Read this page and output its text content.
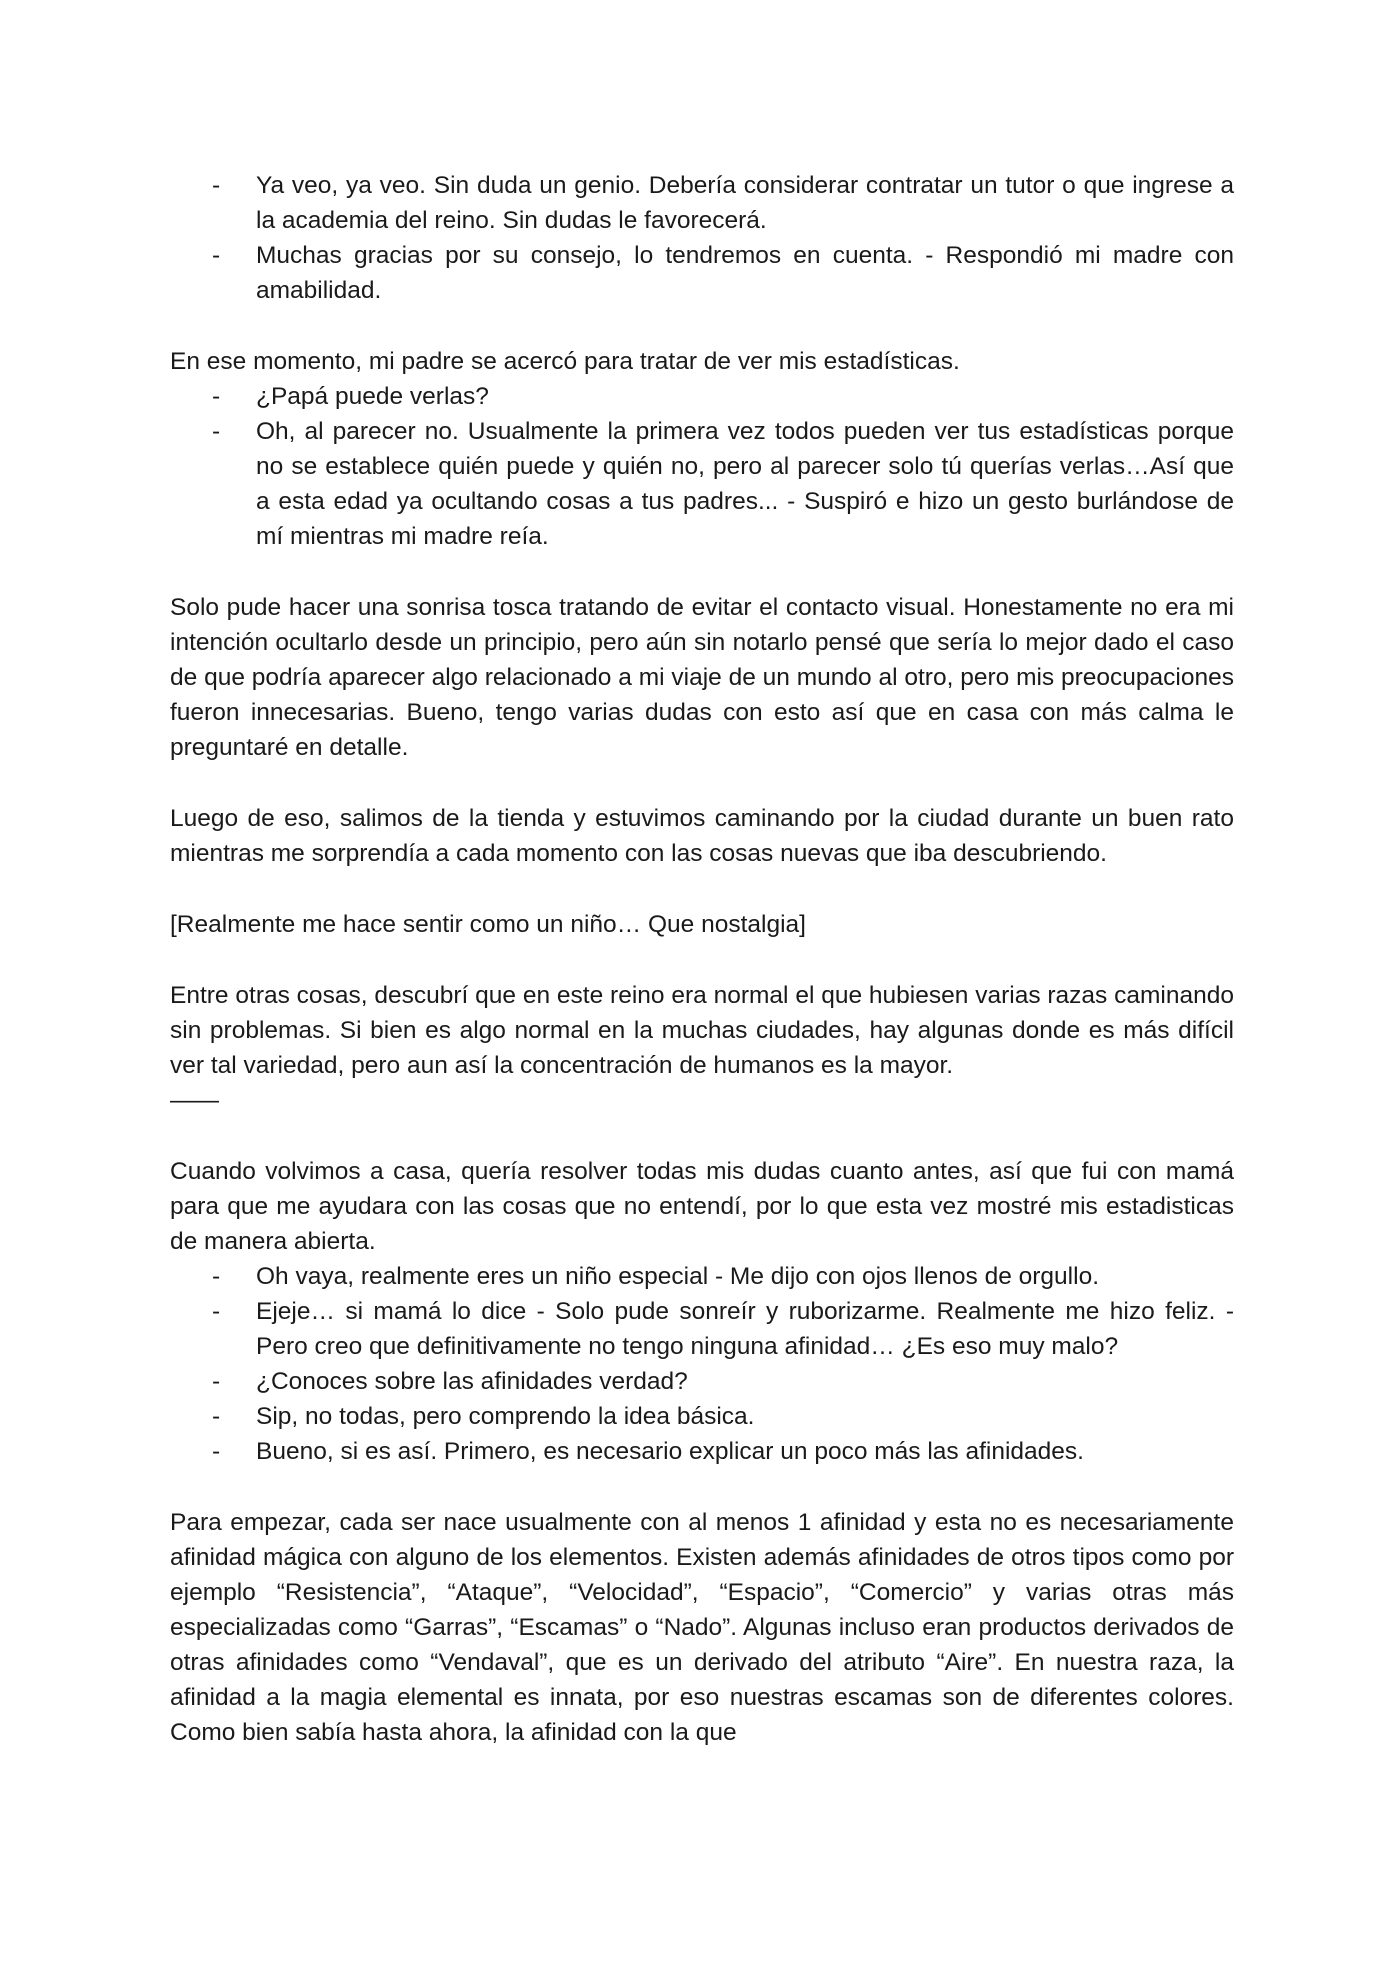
- Ya veo, ya veo. Sin duda un genio. Debería considerar contratar un tutor o que ingrese a la academia del reino. Sin dudas le favorecerá.
- Muchas gracias por su consejo, lo tendremos en cuenta. - Respondió mi madre con amabilidad.

En ese momento, mi padre se acercó para tratar de ver mis estadísticas.

- ¿Papá puede verlas?
- Oh, al parecer no. Usualmente la primera vez todos pueden ver tus estadísticas porque no se establece quién puede y quién no, pero al parecer solo tú querías verlas…Así que a esta edad ya ocultando cosas a tus padres... - Suspiró e hizo un gesto burlándose de mí mientras mi madre reía.

Solo pude hacer una sonrisa tosca tratando de evitar el contacto visual. Honestamente no era mi intención ocultarlo desde un principio, pero aún sin notarlo pensé que sería lo mejor dado el caso de que podría aparecer algo relacionado a mi viaje de un mundo al otro, pero mis preocupaciones fueron innecesarias. Bueno, tengo varias dudas con esto así que en casa con más calma le preguntaré en detalle.

Luego de eso, salimos de la tienda y estuvimos caminando por la ciudad durante un buen rato mientras me sorprendía a cada momento con las cosas nuevas que iba descubriendo.

[Realmente me hace sentir como un niño… Que nostalgia]

Entre otras cosas, descubrí que en este reino era normal el que hubiesen varias razas caminando sin problemas. Si bien es algo normal en la muchas ciudades, hay algunas donde es más difícil ver tal variedad, pero aun así la concentración de humanos es la mayor.

——

Cuando volvimos a casa, quería resolver todas mis dudas cuanto antes, así que fui con mamá para que me ayudara con las cosas que no entendí, por lo que esta vez mostré mis estadisticas de manera abierta.

- Oh vaya, realmente eres un niño especial - Me dijo con ojos llenos de orgullo.
- Ejeje… si mamá lo dice - Solo pude sonreír y ruborizarme. Realmente me hizo feliz. - Pero creo que definitivamente no tengo ninguna afinidad… ¿Es eso muy malo?
- ¿Conoces sobre las afinidades verdad?
- Sip, no todas, pero comprendo la idea básica.
- Bueno, si es así. Primero, es necesario explicar un poco más las afinidades.

Para empezar, cada ser nace usualmente con al menos 1 afinidad y esta no es necesariamente afinidad mágica con alguno de los elementos. Existen además afinidades de otros tipos como por ejemplo “Resistencia”, “Ataque”, “Velocidad”, “Espacio”, “Comercio” y varias otras más especializadas como “Garras”, “Escamas” o “Nado”. Algunas incluso eran productos derivados de otras afinidades como “Vendaval”, que es un derivado del atributo “Aire”. En nuestra raza, la afinidad a la magia elemental es innata, por eso nuestras escamas son de diferentes colores. Como bien sabía hasta ahora, la afinidad con la que
